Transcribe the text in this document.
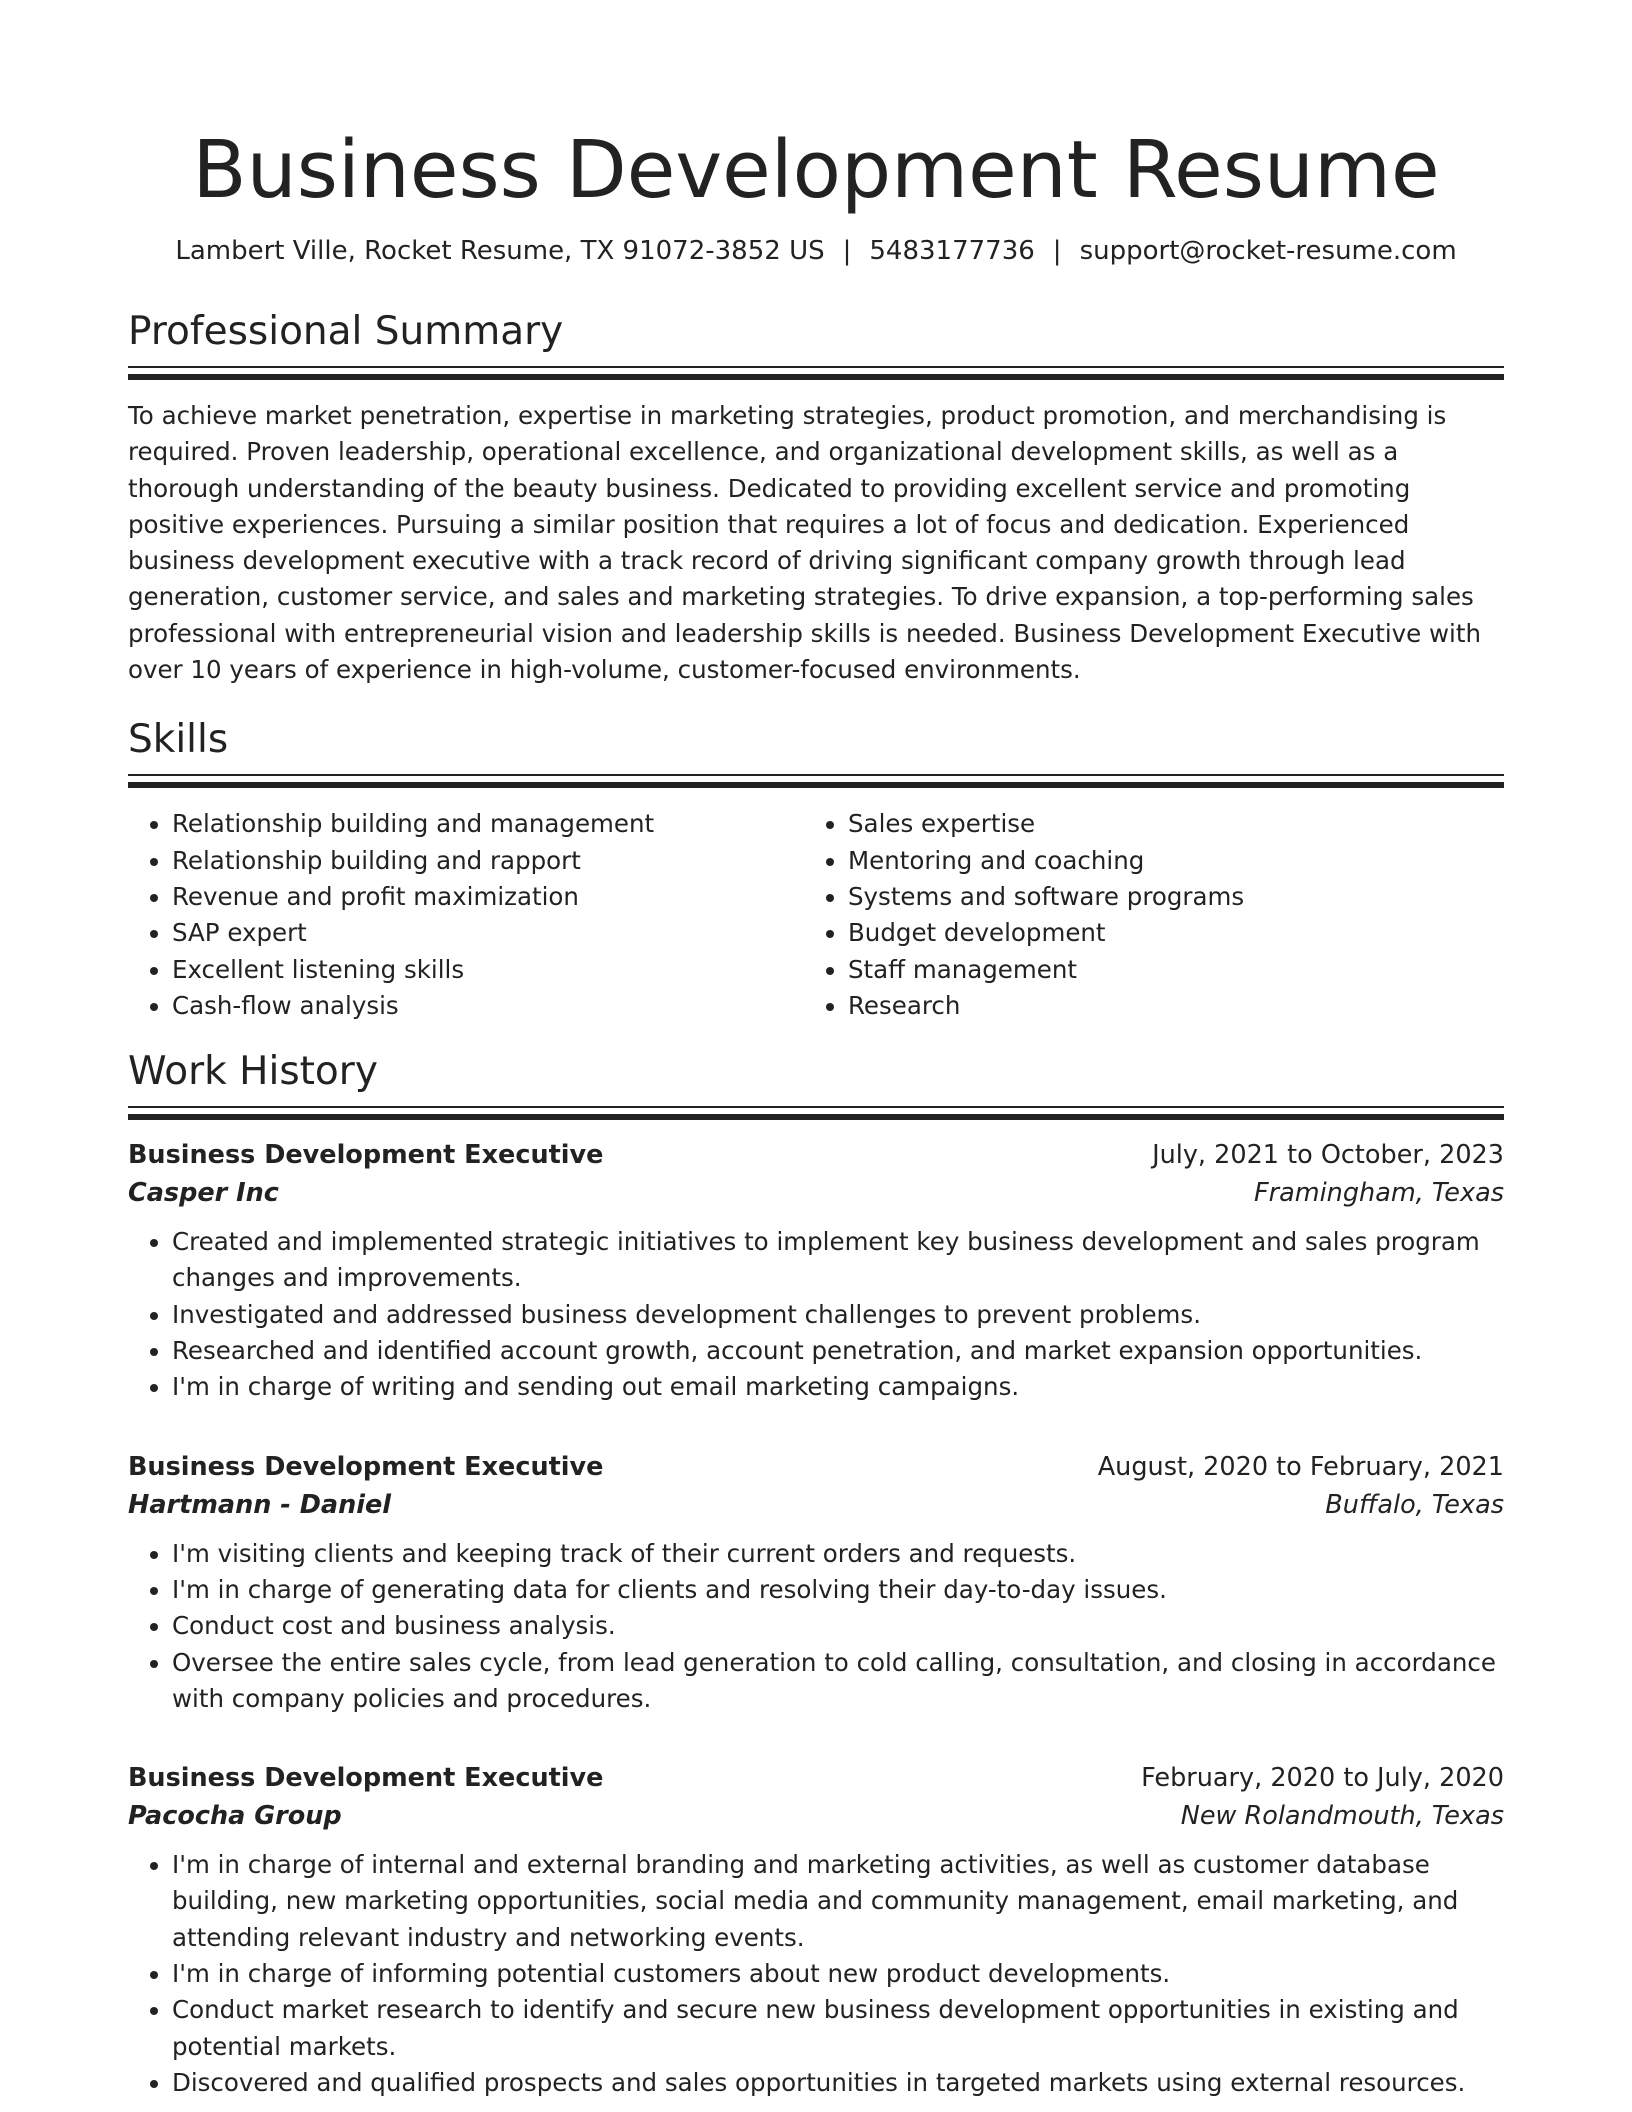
Business Development Resume
Lambert Ville, Rocket Resume, TX 91072-3852 US | 5483177736 | support@rocket-resume.com
Professional Summary

To achieve market penetration, expertise in marketing strategies, product promotion, and merchandising is required. Proven leadership, operational excellence, and organizational development skills, as well as a thorough understanding of the beauty business. Dedicated to providing excellent service and promoting positive experiences. Pursuing a similar position that requires a lot of focus and dedication. Experienced business development executive with a track record of driving significant company growth through lead generation, customer service, and sales and marketing strategies. To drive expansion, a top-performing sales professional with entrepreneurial vision and leadership skills is needed. Business Development Executive with over 10 years of experience in high-volume, customer-focused environments.

Skills
• Relationship building and management
• Relationship building and rapport
• Revenue and profit maximization
• SAP expert
• Excellent listening skills
• Cash-flow analysis
• Sales expertise
• Mentoring and coaching
• Systems and software programs
• Budget development
• Staff management
• Research
Work History
Business Development Executive	July, 2021 to October, 2023
Casper Inc	Framingham, Texas
• Created and implemented strategic initiatives to implement key business development and sales program changes and improvements.
• Investigated and addressed business development challenges to prevent problems.
• Researched and identified account growth, account penetration, and market expansion opportunities.
• I'm in charge of writing and sending out email marketing campaigns.
Business Development Executive	August, 2020 to February, 2021
Hartmann - Daniel	Buffalo, Texas
• I'm visiting clients and keeping track of their current orders and requests.
• I'm in charge of generating data for clients and resolving their day-to-day issues.
• Conduct cost and business analysis.
• Oversee the entire sales cycle, from lead generation to cold calling, consultation, and closing in accordance with company policies and procedures.
Business Development Executive	February, 2020 to July, 2020
Pacocha Group	New Rolandmouth, Texas
• I'm in charge of internal and external branding and marketing activities, as well as customer database building, new marketing opportunities, social media and community management, email marketing, and attending relevant industry and networking events.
• I'm in charge of informing potential customers about new product developments.
• Conduct market research to identify and secure new business development opportunities in existing and potential markets.
• Discovered and qualified prospects and sales opportunities in targeted markets using external resources.
